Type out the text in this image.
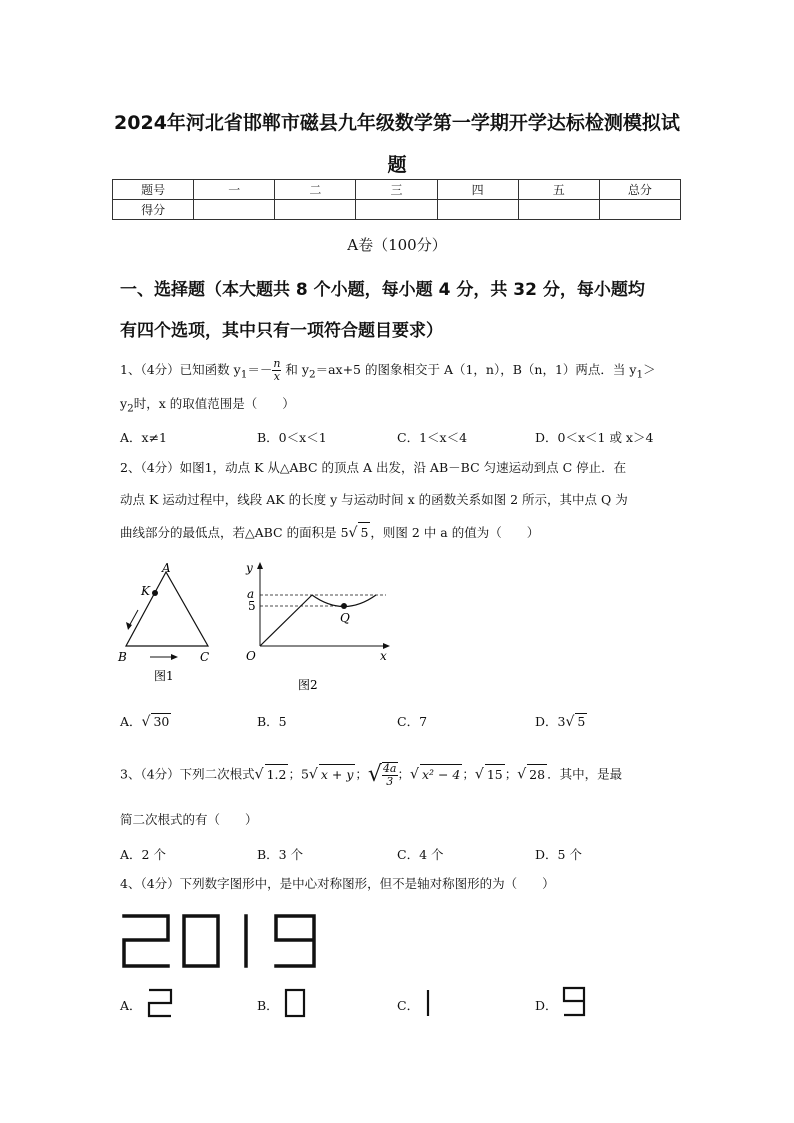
2024年河北省邯郸市磁县九年级数学第一学期开学达标检测模拟试
题
题号	一	二	三	四	五	总分
得分						
A卷（100分）
一、选择题（本大题共 8 个小题，每小题 4 分，共 32 分，每小题均
有四个选项，其中只有一项符合题目要求）
1、（4分）已知函数 $y_1=- \frac{n}{x}$ 和 $y_2=ax+5$ 的图象相交于 A（1，n），B（n，1）两点．当 $y_1>$
$y_2$时，x 的取值范围是（　　）
A．x≠1	B．0＜x＜1	C．1＜x＜4	D．0＜x＜1 或 x＞4
2、（4分）如图1，动点 K 从△ABC 的顶点 A 出发，沿 AB－BC 匀速运动到点 C 停止．在
动点 K 运动过程中，线段 AK 的长度 y 与运动时间 x 的函数关系如图 2 所示，其中点 Q 为
曲线部分的最低点，若△ABC 的面积是 5√ 5 ，则图 2 中 a 的值为（　　）
A
K
B	C
图1
y
a
5
Q
O	x
图2
A．√ 30	B．5	C．7	D．3√ 5
3、（4分）下列二次根式√ 1.2 ；5√ x + y ；√ $\frac{4a}{3}$ ；√ x² − 4 ；√ 15 ；√ 28 ．其中，是最
简二次根式的有（　　）
A．2 个	B．3 个	C．4 个	D．5 个
4、（4分）下列数字图形中，是中心对称图形，但不是轴对称图形的为（　　）
A．	B．	C．	D．
